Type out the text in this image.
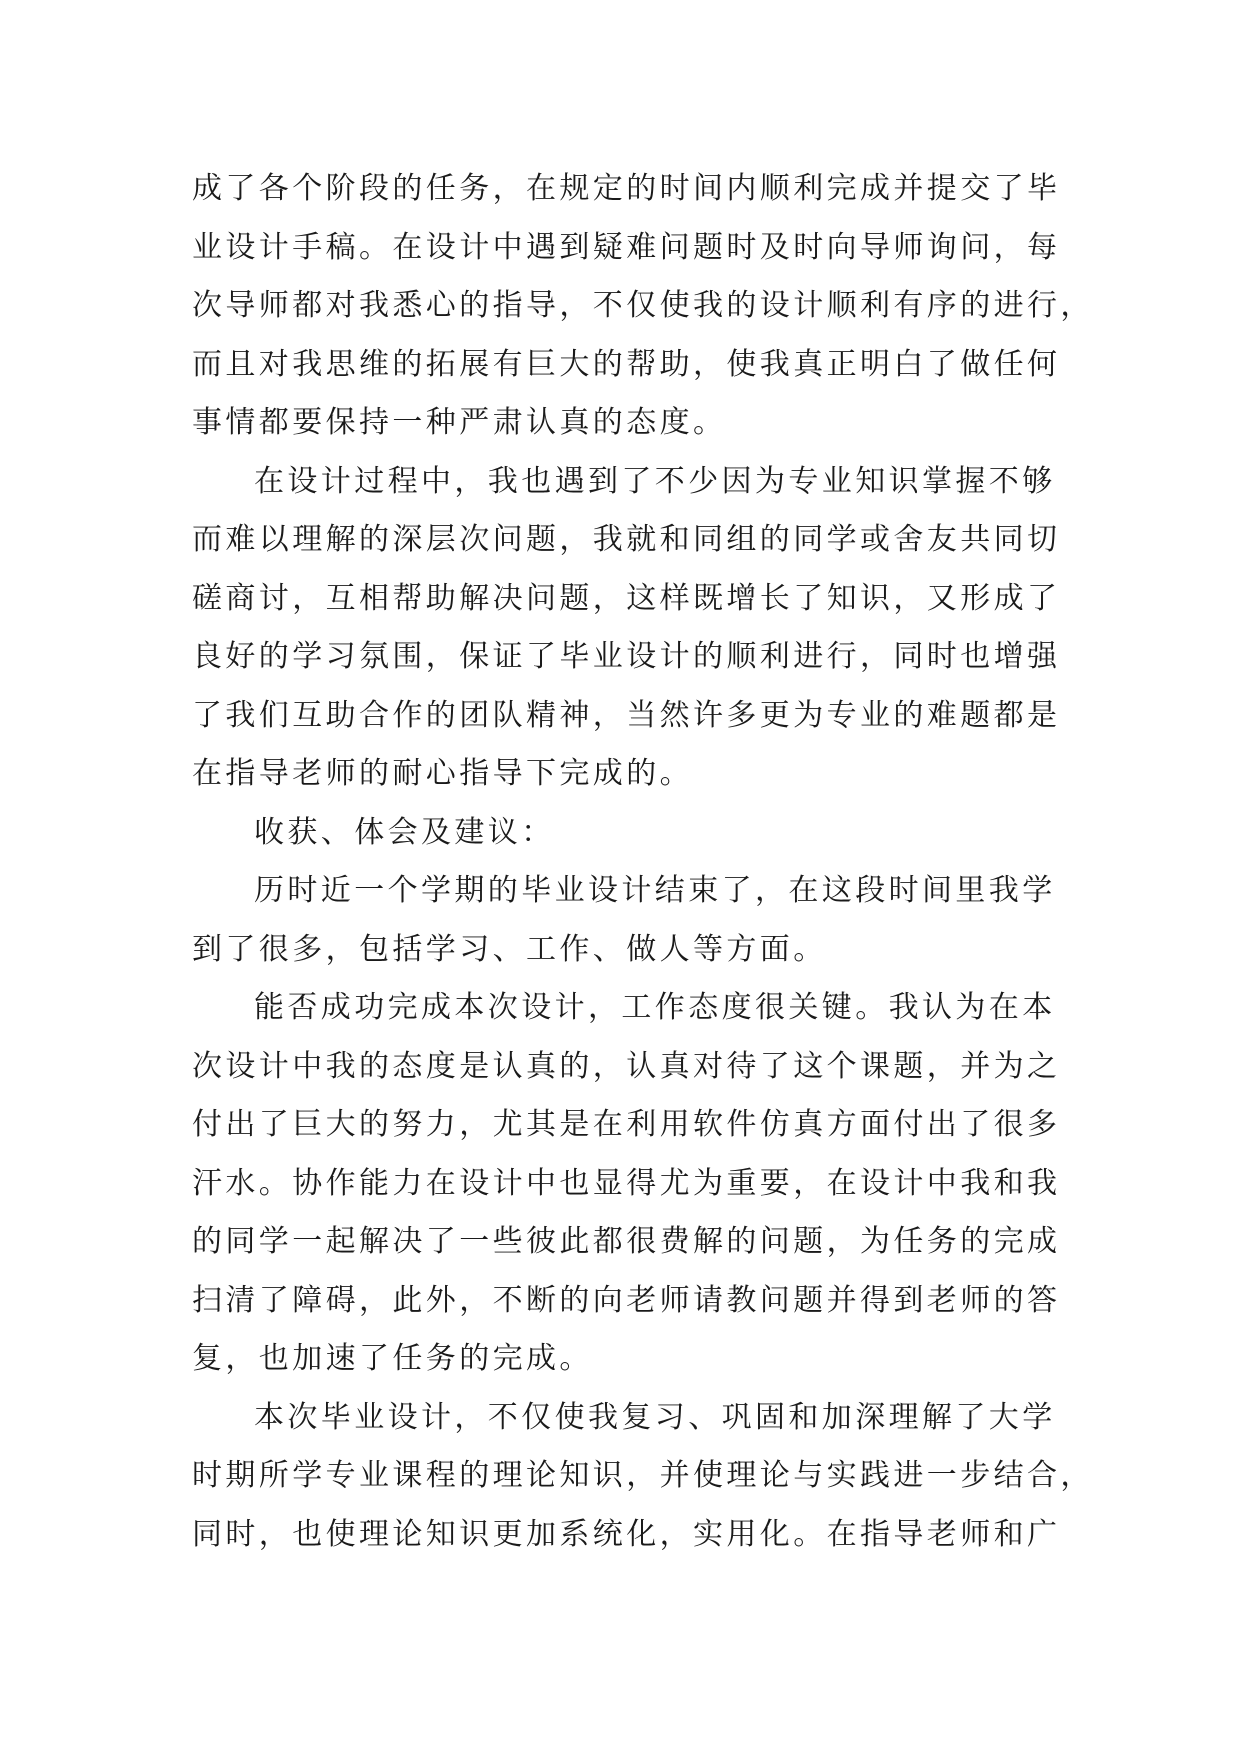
成了各个阶段的任务，在规定的时间内顺利完成并提交了毕
业设计手稿。在设计中遇到疑难问题时及时向导师询问，每
次导师都对我悉心的指导，不仅使我的设计顺利有序的进行，
而且对我思维的拓展有巨大的帮助，使我真正明白了做任何
事情都要保持一种严肃认真的态度。
在设计过程中，我也遇到了不少因为专业知识掌握不够
而难以理解的深层次问题，我就和同组的同学或舍友共同切
磋商讨，互相帮助解决问题，这样既增长了知识，又形成了
良好的学习氛围，保证了毕业设计的顺利进行，同时也增强
了我们互助合作的团队精神，当然许多更为专业的难题都是
在指导老师的耐心指导下完成的。
收获、体会及建议：
历时近一个学期的毕业设计结束了，在这段时间里我学
到了很多，包括学习、工作、做人等方面。
能否成功完成本次设计，工作态度很关键。我认为在本
次设计中我的态度是认真的，认真对待了这个课题，并为之
付出了巨大的努力，尤其是在利用软件仿真方面付出了很多
汗水。协作能力在设计中也显得尤为重要，在设计中我和我
的同学一起解决了一些彼此都很费解的问题，为任务的完成
扫清了障碍，此外，不断的向老师请教问题并得到老师的答
复，也加速了任务的完成。
本次毕业设计，不仅使我复习、巩固和加深理解了大学
时期所学专业课程的理论知识，并使理论与实践进一步结合，
同时，也使理论知识更加系统化，实用化。在指导老师和广
